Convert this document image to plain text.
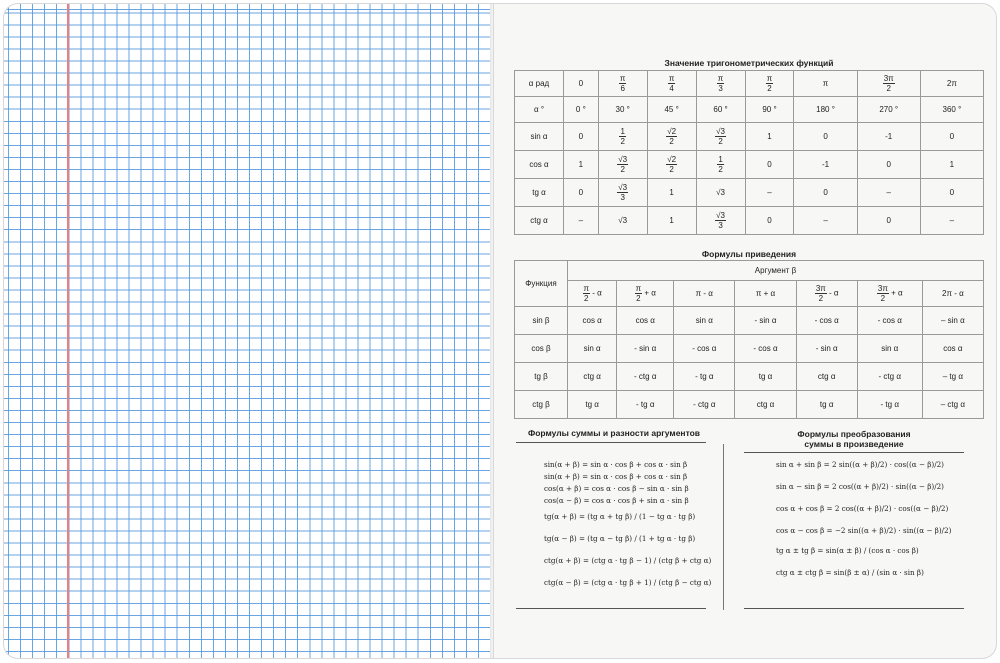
Значение тригонометрических функций
α рад	0	$\frac{\pi}{6}$	$\frac{\pi}{4}$	$\frac{\pi}{3}$	$\frac{\pi}{2}$	π	$\frac{3\pi}{2}$	2π
α °	0 °	30 °	45 °	60 °	90 °	180 °	270 °	360 °
sin α	0	$\frac{1}{2}$	$\frac{√2}{2}$	$\frac{√3}{2}$	1	0	-1	0
cos α	1	$\frac{√3}{2}$	$\frac{√2}{2}$	$\frac{1}{2}$	0	-1	0	1
tg α	0	$\frac{√3}{3}$	1	√3	–	0	–	0
ctg α	–	√3	1	$\frac{√3}{3}$	0	–	0	–
Формулы приведения
Функция	Аргумент β						

	$\frac{\pi}{2}$ - α	$\frac{\pi}{2} + \alpha$	π - α	π + α	$\frac{3\pi}{2}$ - α	$\frac{3\pi}{2} + \alpha$	2π - α
sin β	cos α	cos α	sin α	- sin α	- cos α	- cos α	– sin α
cos β	sin α	- sin α	- cos α	- cos α	- sin α	sin α	cos α
tg β	ctg α	- ctg α	- tg α	tg α	ctg α	- ctg α	– tg α
ctg β	tg α	- tg α	- ctg α	ctg α	tg α	- tg α	– ctg α
Формулы суммы и разности аргументов
sin(α + β) = sin α · cos β + cos α · sin β
sin(α + β) = sin α · cos β + cos α · sin β
cos(α + β) = cos α · cos β − sin α · sin β
cos(α − β) = cos α · cos β + sin α · sin β
tg(α + β) = (tg α + tg β) / (1 − tg α · tg β)
tg(α − β) = (tg α − tg β) / (1 + tg α · tg β)
ctg(α + β) = (ctg α · tg β − 1) / (ctg β + ctg α)
ctg(α − β) = (ctg α · tg β + 1) / (ctg β − ctg α)
Формулы преобразования
суммы в произведение
sin α + sin β = 2 sin((α + β)/2) · cos((α − β)/2)
sin α − sin β = 2 cos((α + β)/2) · sin((α − β)/2)
cos α + cos β = 2 cos((α + β)/2) · cos((α − β)/2)
cos α − cos β = −2 sin((α + β)/2) · sin((α − β)/2)
tg α ± tg β = sin(α ± β) / (cos α · cos β)
ctg α ± ctg β = sin(β ± α) / (sin α · sin β)
